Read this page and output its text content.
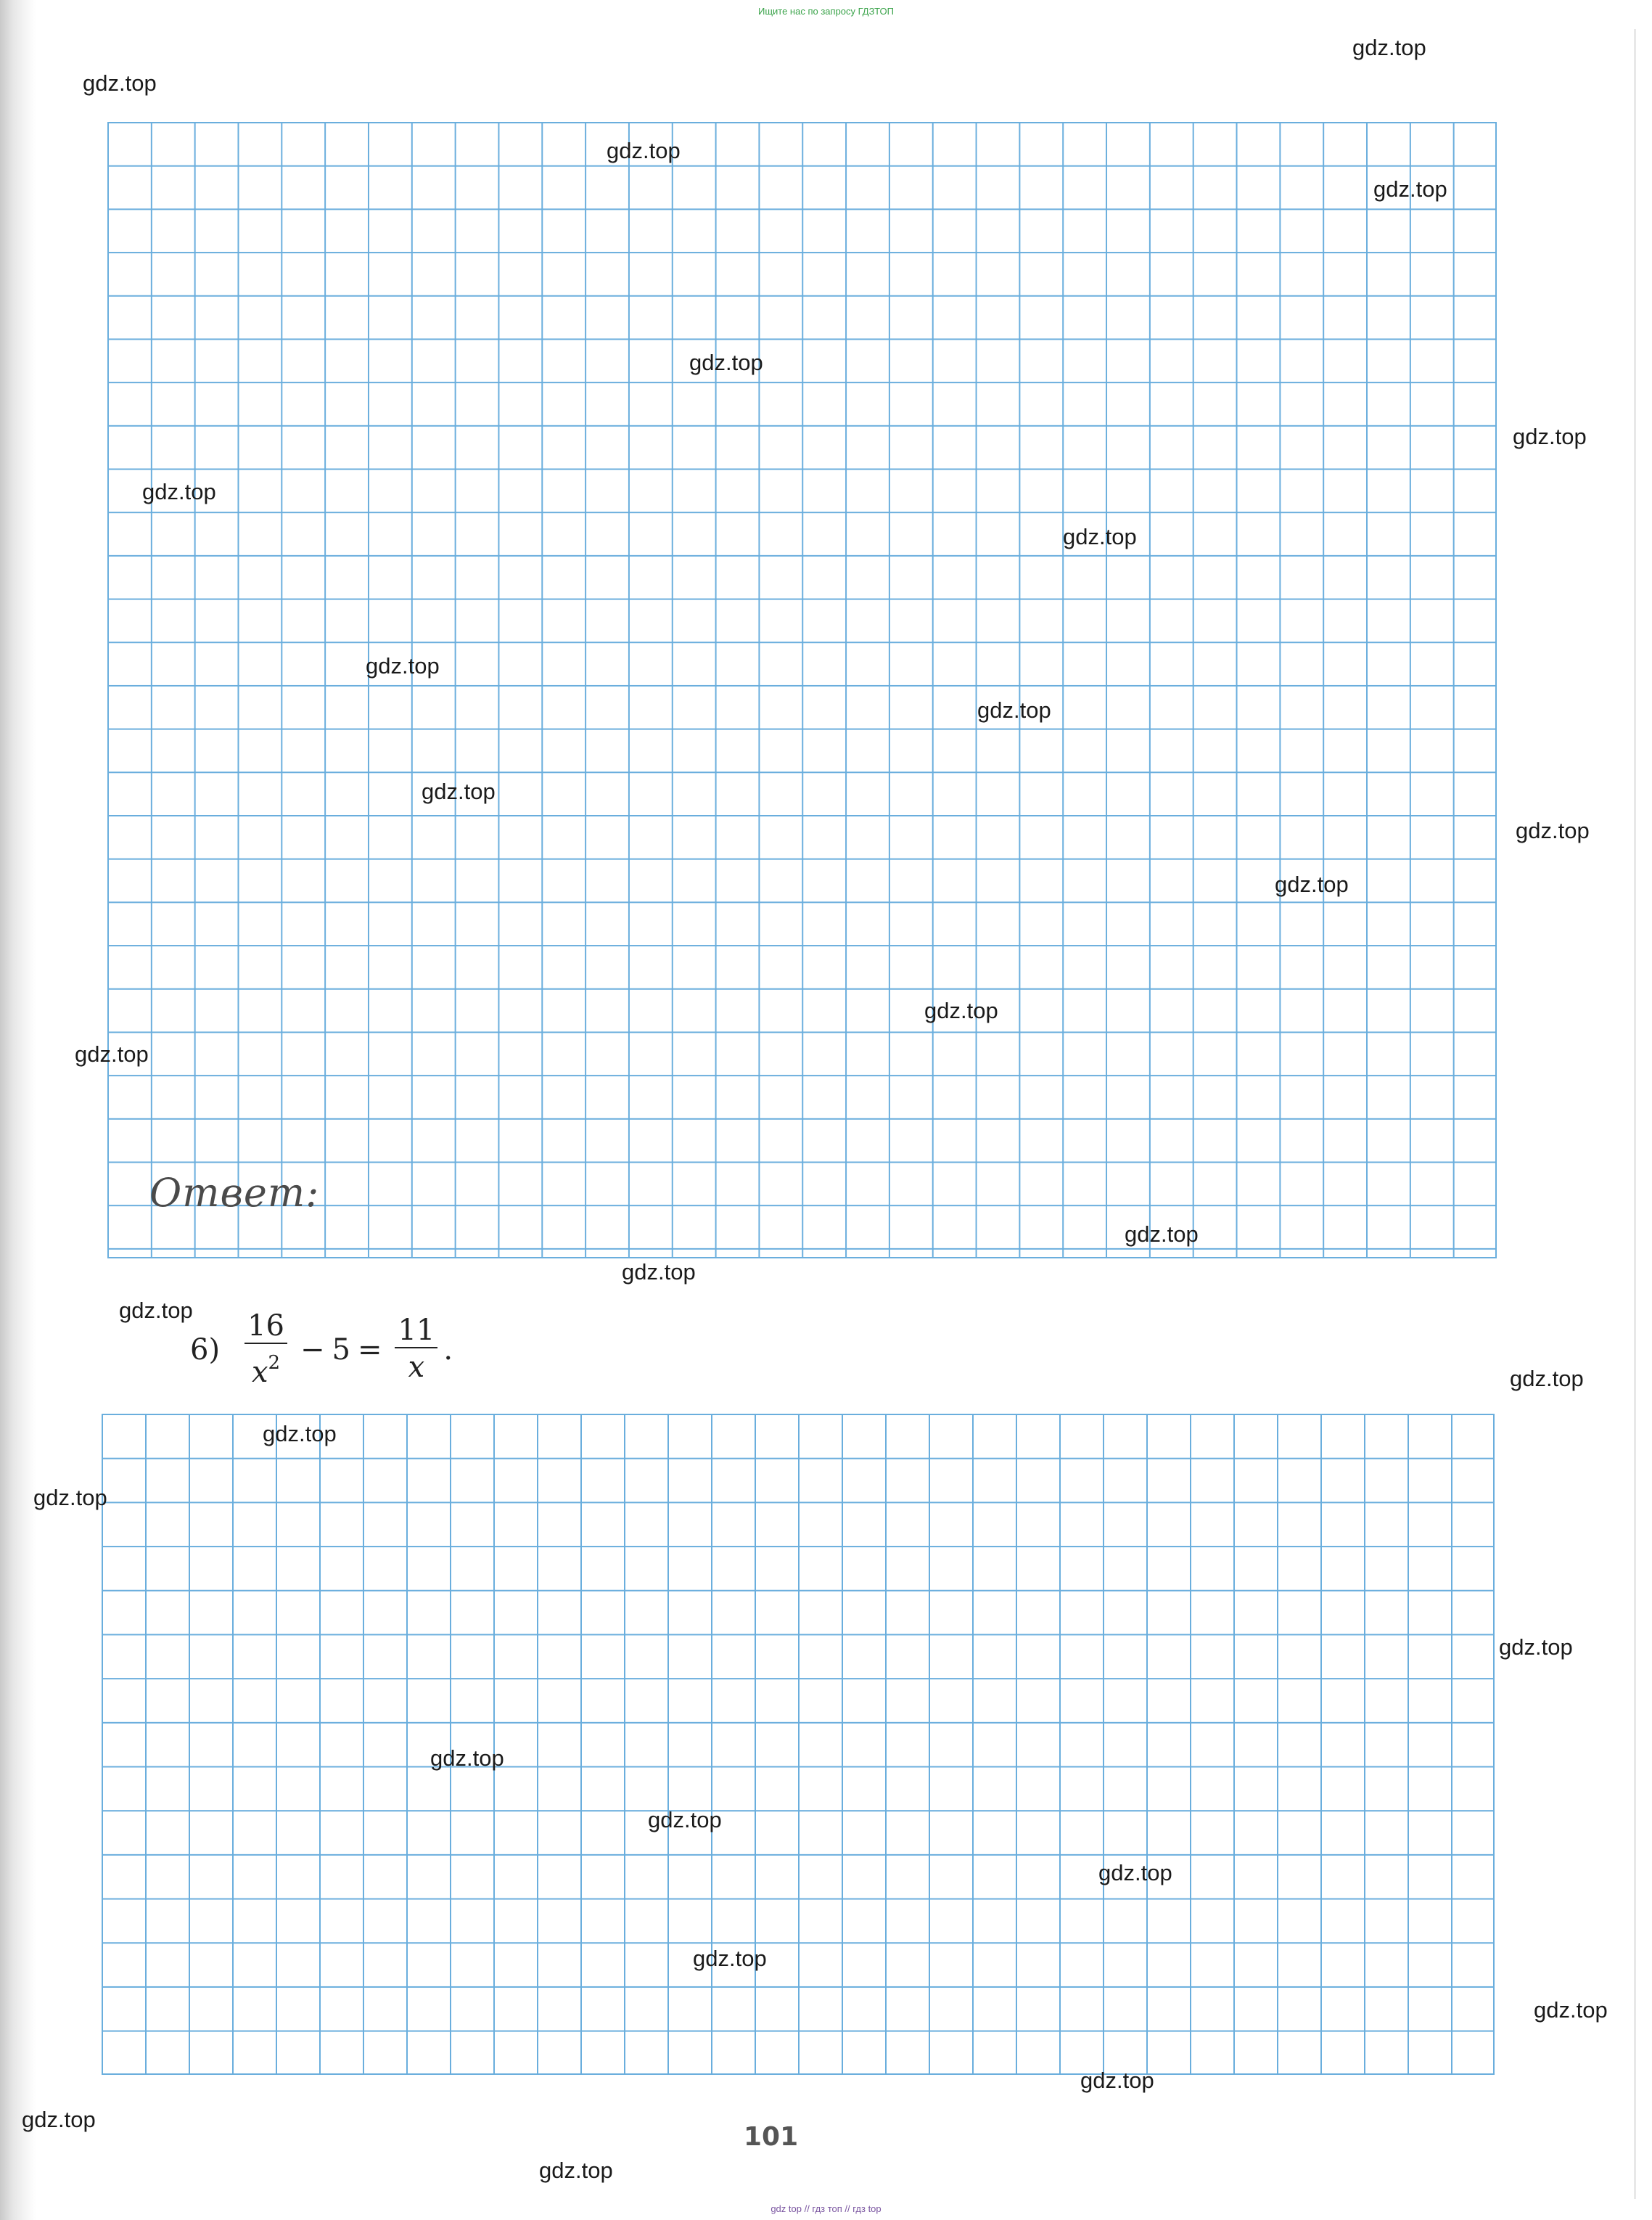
Ищите нас по запросу ГДЗТОП
Ответ:
$6) \frac{16}{x^2} - 5 = \frac{11}{x}$ .
101
gdz top // гдз топ // гдз top
gdz.top
gdz.top
gdz.top
gdz.top
gdz.top
gdz.top
gdz.top
gdz.top
gdz.top
gdz.top
gdz.top
gdz.top
gdz.top
gdz.top
gdz.top
gdz.top
gdz.top
gdz.top
gdz.top
gdz.top
gdz.top
gdz.top
gdz.top
gdz.top
gdz.top
gdz.top
gdz.top
gdz.top
gdz.top
gdz.top
